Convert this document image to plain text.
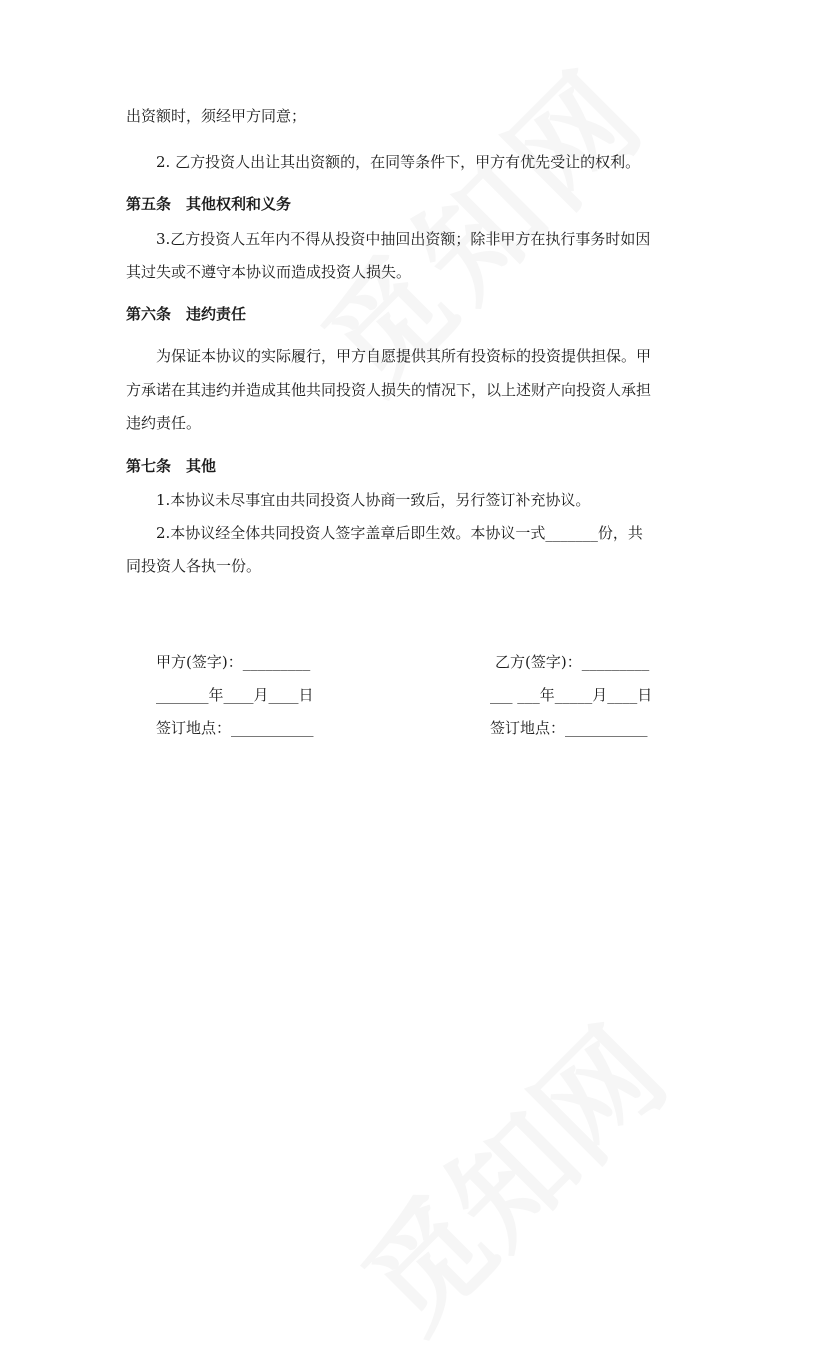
出资额时，须经甲方同意；
2. 乙方投资人出让其出资额的，在同等条件下，甲方有优先受让的权利。
第五条　其他权利和义务
3.乙方投资人五年内不得从投资中抽回出资额；除非甲方在执行事务时如因
其过失或不遵守本协议而造成投资人损失。
第六条　违约责任
为保证本协议的实际履行，甲方自愿提供其所有投资标的投资提供担保。甲
方承诺在其违约并造成其他共同投资人损失的情况下，以上述财产向投资人承担
违约责任。
第七条　其他
1.本协议未尽事宜由共同投资人协商一致后，另行签订补充协议。
2.本协议经全体共同投资人签字盖章后即生效。本协议一式_______份，共
同投资人各执一份。
甲方(签字)：_________
_______年____月____日
签订地点：___________
乙方(签字)：_________
___ ___年_____月____日
签订地点：___________
